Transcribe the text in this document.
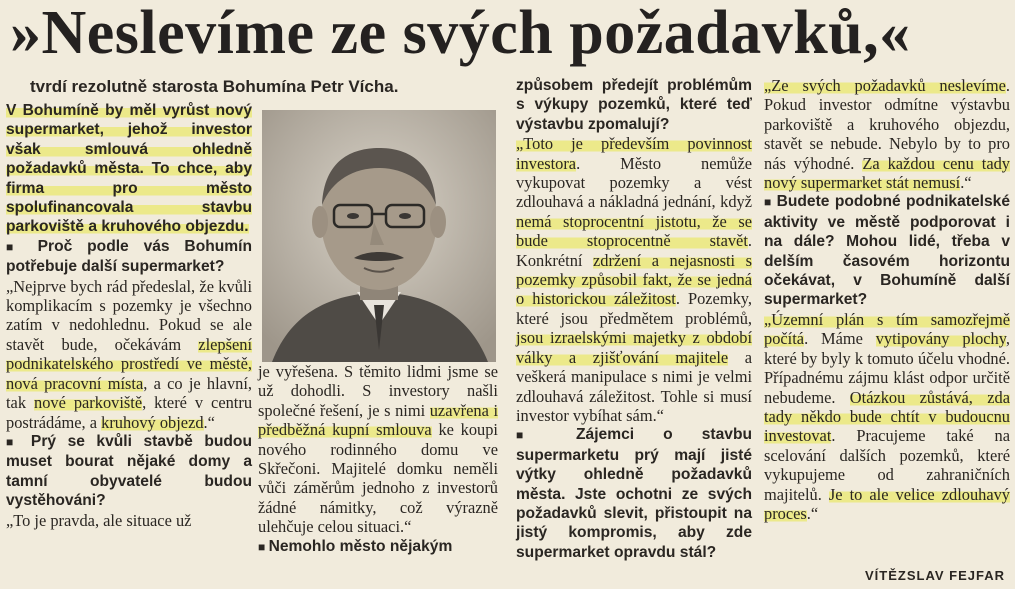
»Neslevíme ze svých požadavků,«
tvrdí rezolutně starosta Bohumína Petr Vícha.

V Bohumíně by měl vyrůst nový supermarket, jehož investor však smlouvá ohledně požadavků města. To chce, aby firma pro město spolufinancovala stavbu parkoviště a kruhového objezdu.

■ Proč podle vás Bohumín potřebuje další supermarket?

„Nejprve bych rád předeslal, že kvůli komplikacím s pozemky je všechno zatím v nedohlednu. Pokud se ale stavět bude, očekávám zlepšení podnikatelského prostředí ve městě, nová pracovní místa, a co je hlavní, tak nové parkoviště, které v centru postrádáme, a kruhový objezd.“

■ Prý se kvůli stavbě budou muset bourat nějaké domy a tamní obyvatelé budou vystěhováni?

„To je pravda, ale situace už

je vyřešena. S těmito lidmi jsme se už dohodli. S investory našli společné řešení, je s nimi uzavřena i předběžná kupní smlouva ke koupi nového rodinného domu ve Skřečoni. Majitelé domku neměli vůči záměrům jednoho z investorů žádné námitky, což výrazně ulehčuje celou situaci.“

■ Nemohlo město nějakým

způsobem předejít problémům s výkupy pozemků, které teď výstavbu zpomalují?

„Toto je především povinnost investora. Město nemůže vykupovat pozemky a vést zdlouhavá a nákladná jednání, když nemá stoprocentní jistotu, že se bude stoprocentně stavět. Konkrétní zdržení a nejasnosti s pozemky způsobil fakt, že se jedná o historickou záležitost. Pozemky, které jsou předmětem problémů, jsou izraelskými majetky z období války a zjišťování majitele a veškerá manipulace s nimi je velmi zdlouhavá záležitost. Tohle si musí investor vybíhat sám.“

■ Zájemci o stavbu supermarketu prý mají jisté výtky ohledně požadavků města. Jste ochotni ze svých požadavků slevit, přistoupit na jistý kompromis, aby zde supermarket opravdu stál?

„Ze svých požadavků neslevíme. Pokud investor odmítne výstavbu parkoviště a kruhového objezdu, stavět se nebude. Nebylo by to pro nás výhodné. Za každou cenu tady nový supermarket stát nemusí.“

■ Budete podobné podnikatelské aktivity ve městě podporovat i na dále? Mohou lidé, třeba v delším časovém horizontu očekávat, v Bohumíně další supermarket?

„Územní plán s tím samozřejmě počítá. Máme vytipovány plochy, které by byly k tomuto účelu vhodné. Případnému zájmu klást odpor určitě nebudeme. Otázkou zůstává, zda tady někdo bude chtít v budoucnu investovat. Pracujeme také na scelování dalších pozemků, které vykupujeme od zahraničních majitelů. Je to ale velice zdlouhavý proces.“

VÍTĚZSLAV FEJFAR
